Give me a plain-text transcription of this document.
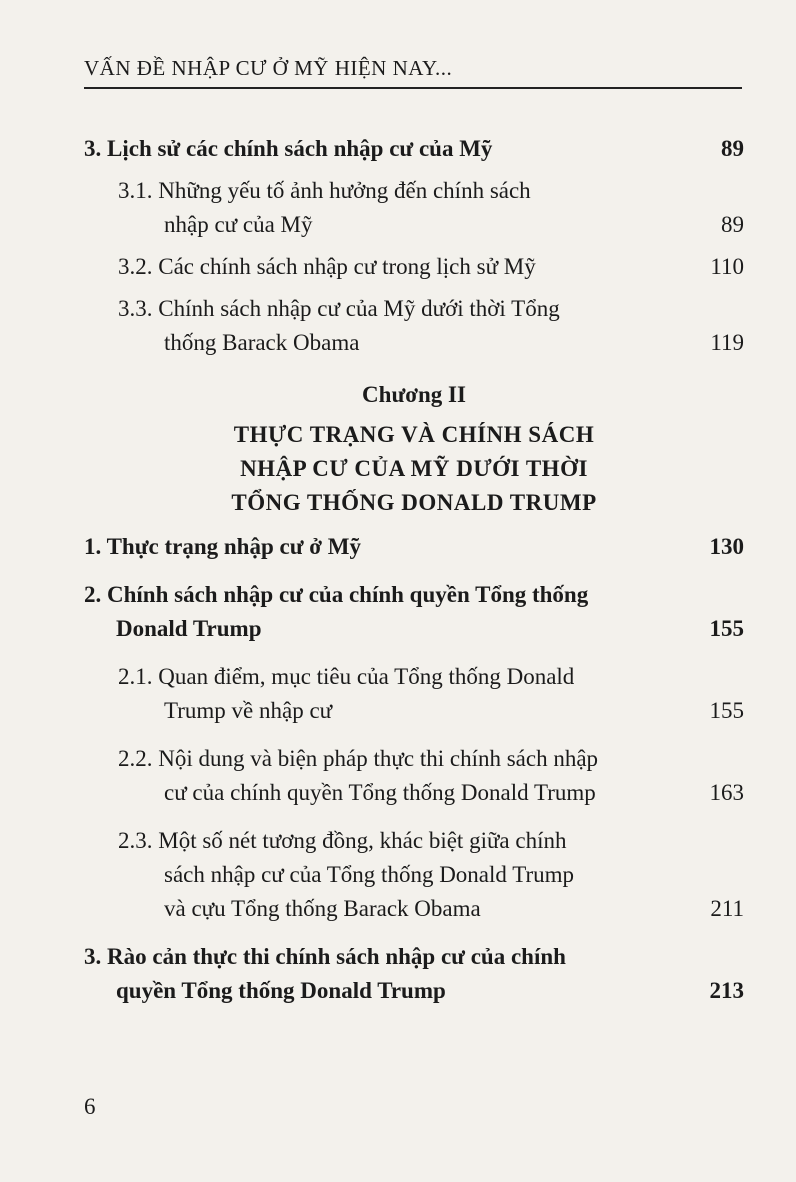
VẤN ĐỀ NHẬP CƯ Ở MỸ HIỆN NAY...
3. Lịch sử các chính sách nhập cư của Mỹ	89
3.1. Những yếu tố ảnh hưởng đến chính sách
nhập cư của Mỹ	89
3.2. Các chính sách nhập cư trong lịch sử Mỹ	110
3.3. Chính sách nhập cư của Mỹ dưới thời Tổng
thống Barack Obama	119
Chương II
THỰC TRẠNG VÀ CHÍNH SÁCH
NHẬP CƯ CỦA MỸ DƯỚI THỜI
TỔNG THỐNG DONALD TRUMP
1. Thực trạng nhập cư ở Mỹ	130
2. Chính sách nhập cư của chính quyền Tổng thống
Donald Trump	155
2.1. Quan điểm, mục tiêu của Tổng thống Donald
Trump về nhập cư	155
2.2. Nội dung và biện pháp thực thi chính sách nhập
cư của chính quyền Tổng thống Donald Trump	163
2.3. Một số nét tương đồng, khác biệt giữa chính
sách nhập cư của Tổng thống Donald Trump
và cựu Tổng thống Barack Obama	211
3. Rào cản thực thi chính sách nhập cư của chính
quyền Tổng thống Donald Trump	213
6
